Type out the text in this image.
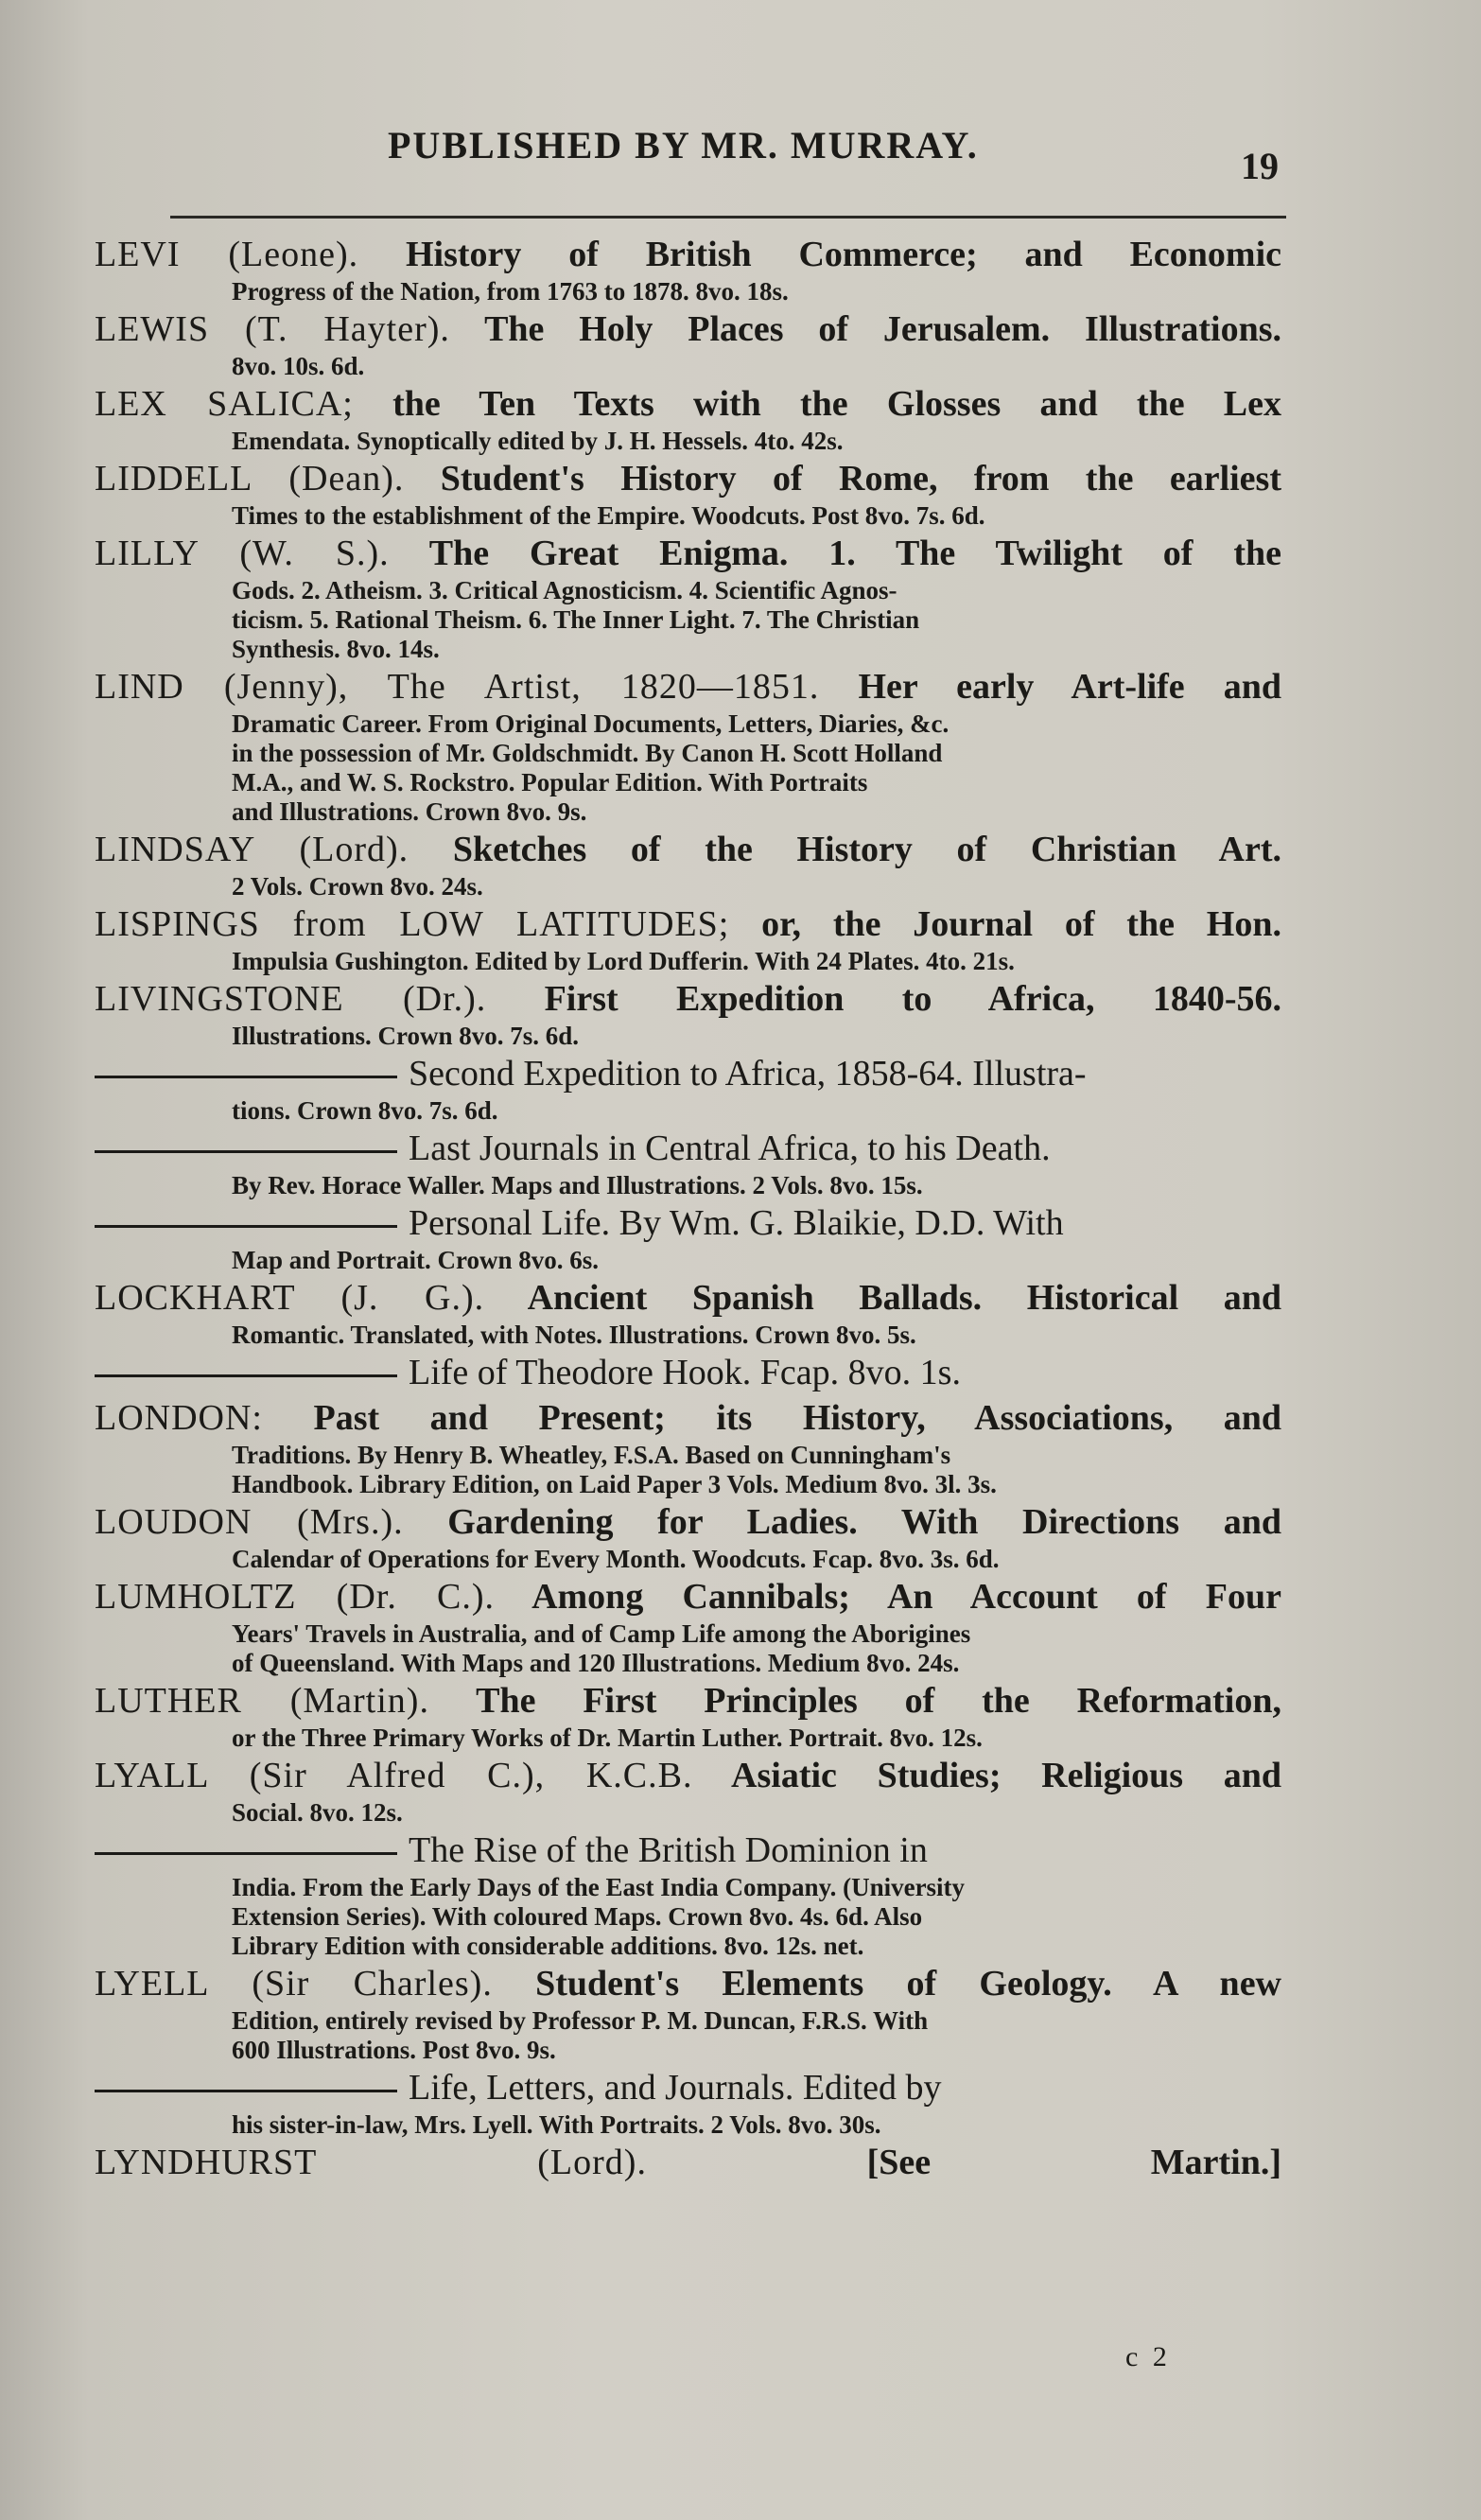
PUBLISHED BY MR. MURRAY.	19
LEVI (Leone). History of British Commerce; and Economic
Progress of the Nation, from 1763 to 1878. 8vo. 18s.
LEWIS (T. Hayter). The Holy Places of Jerusalem. Illustrations.
8vo. 10s. 6d.
LEX SALICA; the Ten Texts with the Glosses and the Lex
Emendata. Synoptically edited by J. H. Hessels. 4to. 42s.
LIDDELL (Dean). Student's History of Rome, from the earliest
Times to the establishment of the Empire. Woodcuts. Post 8vo. 7s. 6d.
LILLY (W. S.). The Great Enigma. 1. The Twilight of the
Gods. 2. Atheism. 3. Critical Agnosticism. 4. Scientific Agnos-
ticism. 5. Rational Theism. 6. The Inner Light. 7. The Christian
Synthesis. 8vo. 14s.
LIND (Jenny), The Artist, 1820—1851. Her early Art-life and
Dramatic Career. From Original Documents, Letters, Diaries, &c.
in the possession of Mr. Goldschmidt. By Canon H. Scott Holland
M.A., and W. S. Rockstro. Popular Edition. With Portraits
and Illustrations. Crown 8vo. 9s.
LINDSAY (Lord). Sketches of the History of Christian Art.
2 Vols. Crown 8vo. 24s.
LISPINGS from LOW LATITUDES; or, the Journal of the Hon.
Impulsia Gushington. Edited by Lord Dufferin. With 24 Plates. 4to. 21s.
LIVINGSTONE (Dr.). First Expedition to Africa, 1840-56.
Illustrations. Crown 8vo. 7s. 6d.
Second Expedition to Africa, 1858-64. Illustra-
tions. Crown 8vo. 7s. 6d.
Last Journals in Central Africa, to his Death.
By Rev. Horace Waller. Maps and Illustrations. 2 Vols. 8vo. 15s.
Personal Life. By Wm. G. Blaikie, D.D. With
Map and Portrait. Crown 8vo. 6s.
LOCKHART (J. G.). Ancient Spanish Ballads. Historical and
Romantic. Translated, with Notes. Illustrations. Crown 8vo. 5s.
Life of Theodore Hook. Fcap. 8vo. 1s.
LONDON: Past and Present; its History, Associations, and
Traditions. By Henry B. Wheatley, F.S.A. Based on Cunningham's
Handbook. Library Edition, on Laid Paper 3 Vols. Medium 8vo. 3l. 3s.
LOUDON (Mrs.). Gardening for Ladies. With Directions and
Calendar of Operations for Every Month. Woodcuts. Fcap. 8vo. 3s. 6d.
LUMHOLTZ (Dr. C.). Among Cannibals; An Account of Four
Years' Travels in Australia, and of Camp Life among the Aborigines
of Queensland. With Maps and 120 Illustrations. Medium 8vo. 24s.
LUTHER (Martin). The First Principles of the Reformation,
or the Three Primary Works of Dr. Martin Luther. Portrait. 8vo. 12s.
LYALL (Sir Alfred C.), K.C.B. Asiatic Studies; Religious and
Social. 8vo. 12s.
The Rise of the British Dominion in
India. From the Early Days of the East India Company. (University
Extension Series). With coloured Maps. Crown 8vo. 4s. 6d. Also
Library Edition with considerable additions. 8vo. 12s. net.
LYELL (Sir Charles). Student's Elements of Geology. A new
Edition, entirely revised by Professor P. M. Duncan, F.R.S. With
600 Illustrations. Post 8vo. 9s.
Life, Letters, and Journals. Edited by
his sister-in-law, Mrs. Lyell. With Portraits. 2 Vols. 8vo. 30s.
LYNDHURST (Lord). [See Martin.]
c 2
